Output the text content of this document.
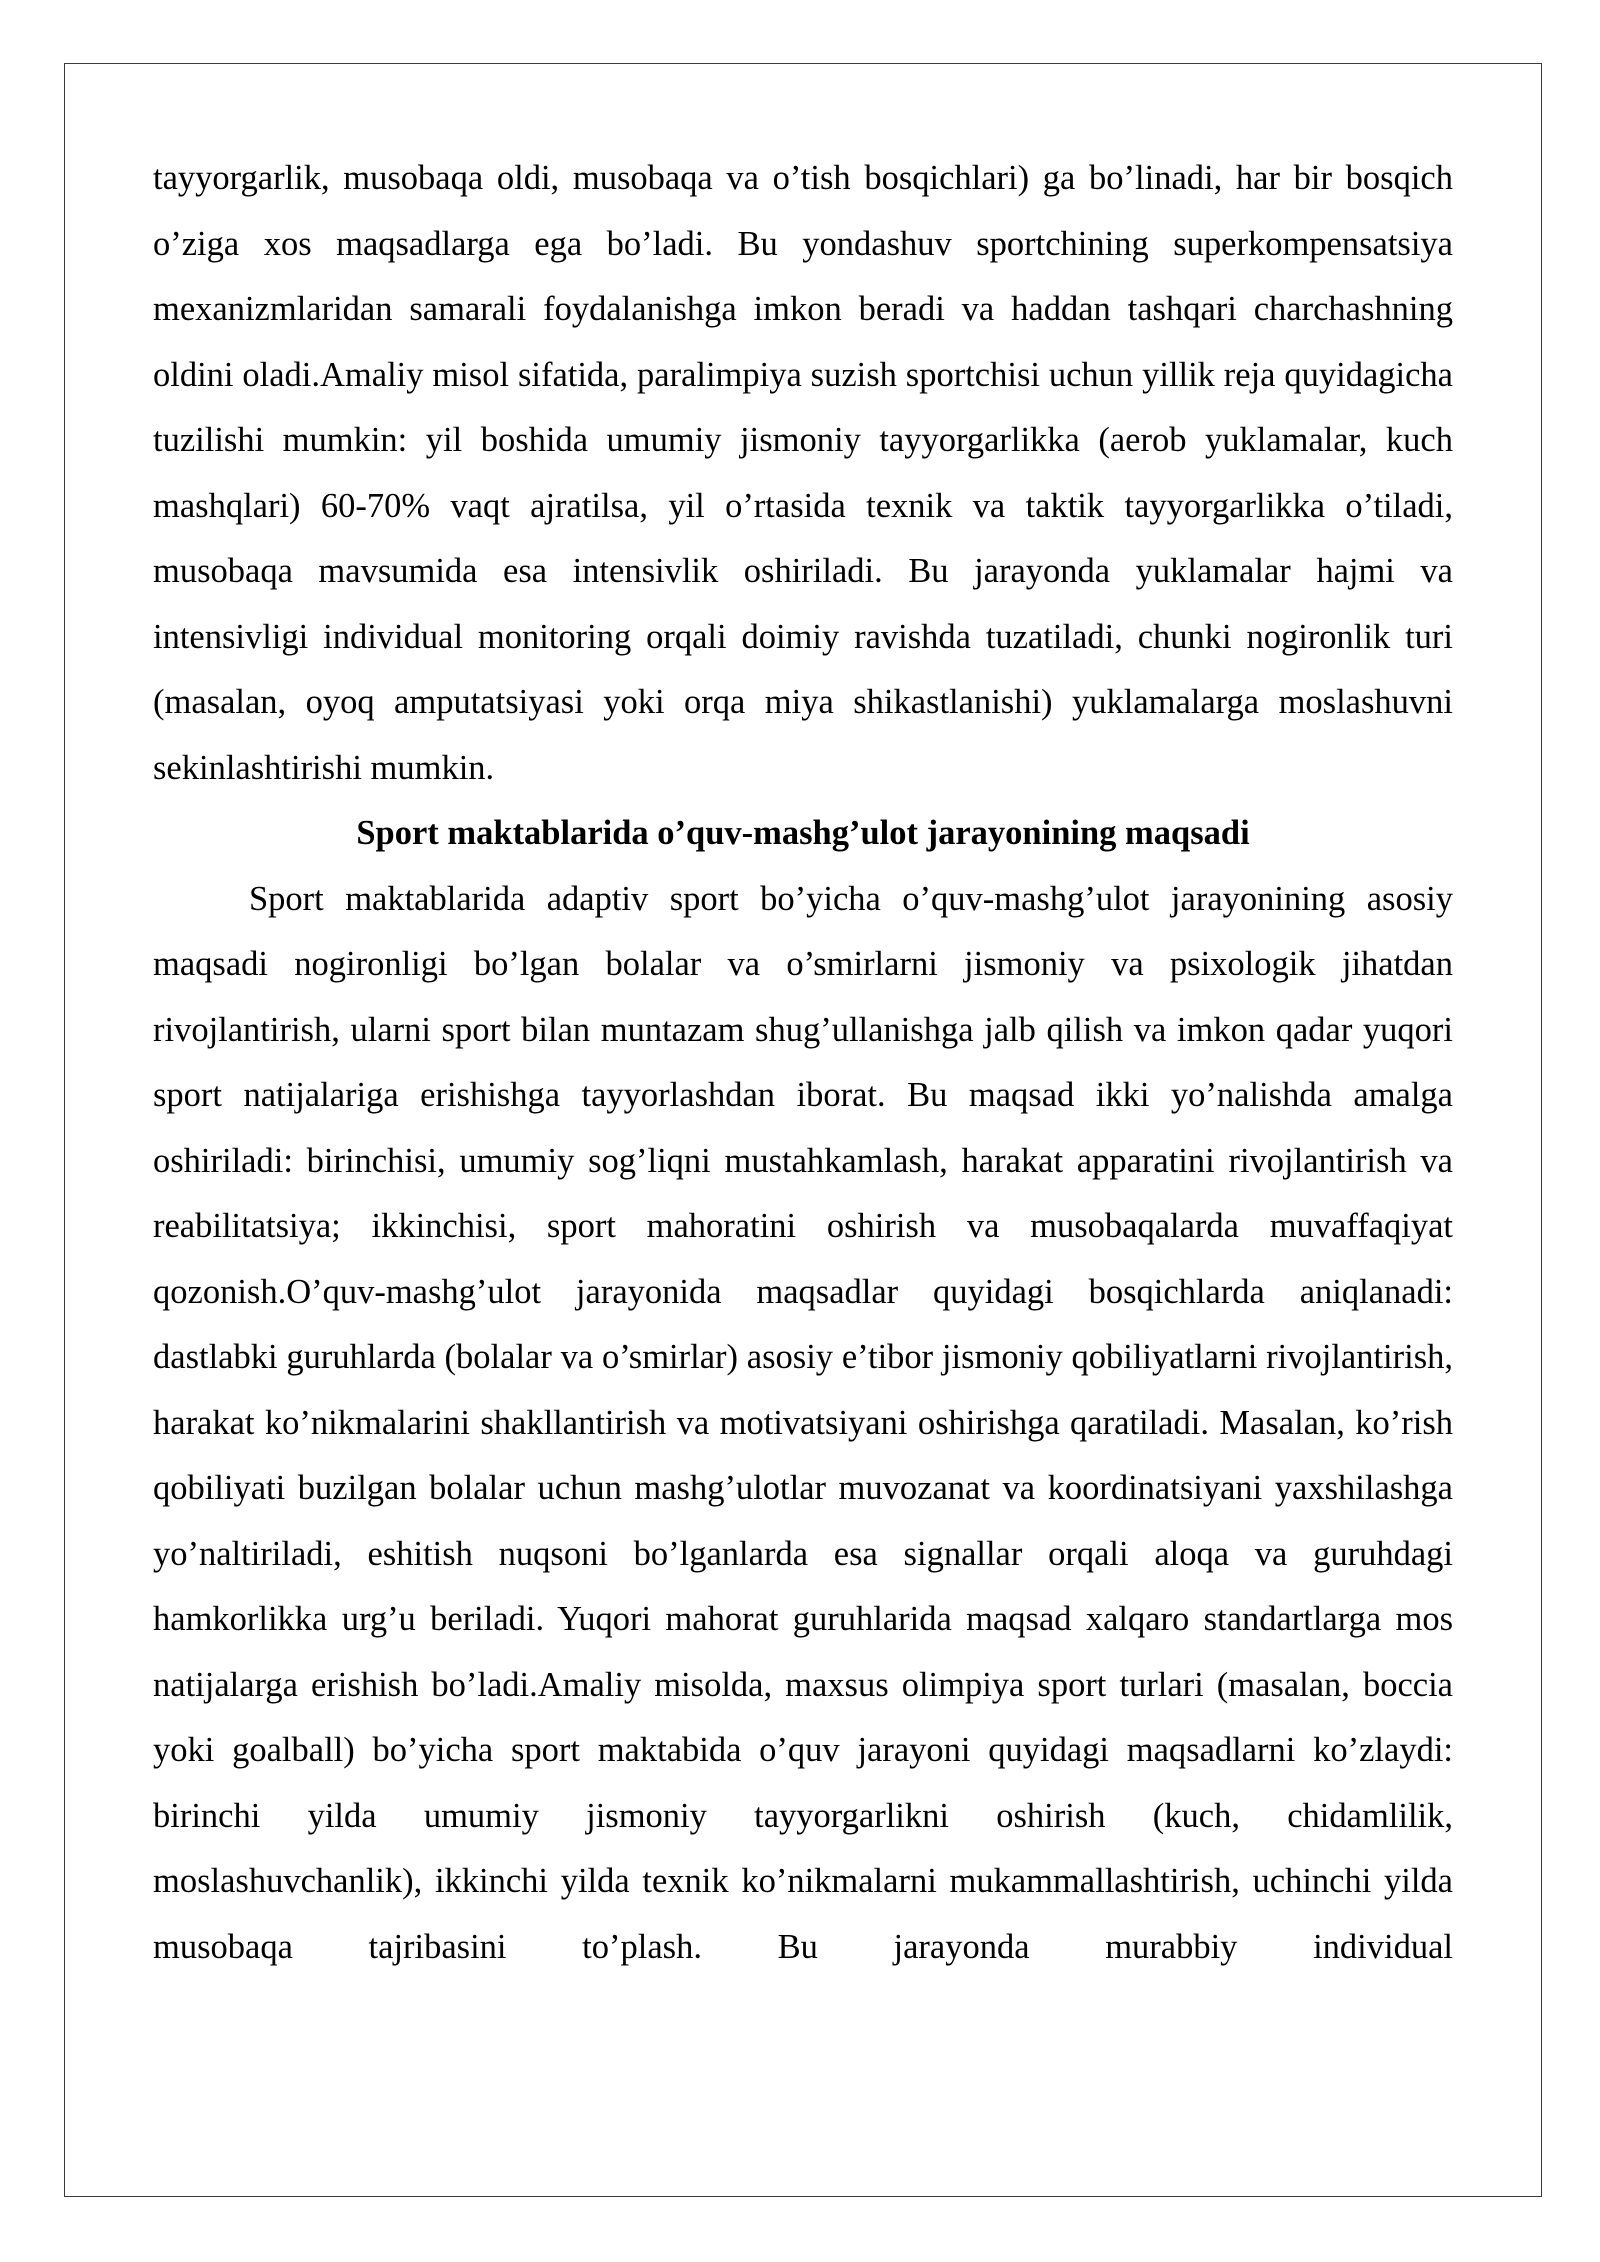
tayyorgarlik, musobaqa oldi, musobaqa va o’tish bosqichlari) ga bo’linadi, har bir bosqich o’ziga xos maqsadlarga ega bo’ladi. Bu yondashuv sportchining superkompensatsiya mexanizmlaridan samarali foydalanishga imkon beradi va haddan tashqari charchashning oldini oladi.Amaliy misol sifatida, paralimpiya suzish sportchisi uchun yillik reja quyidagicha tuzilishi mumkin: yil boshida umumiy jismoniy tayyorgarlikka (aerob yuklamalar, kuch mashqlari) 60-70% vaqt ajratilsa, yil o’rtasida texnik va taktik tayyorgarlikka o’tiladi, musobaqa mavsumida esa intensivlik oshiriladi. Bu jarayonda yuklamalar hajmi va intensivligi individual monitoring orqali doimiy ravishda tuzatiladi, chunki nogironlik turi (masalan, oyoq amputatsiyasi yoki orqa miya shikastlanishi) yuklamalarga moslashuvni sekinlashtirishi mumkin.

Sport maktablarida o’quv-mashg’ulot jarayonining maqsadi

Sport maktablarida adaptiv sport bo’yicha o’quv-mashg’ulot jarayonining asosiy maqsadi nogironligi bo’lgan bolalar va o’smirlarni jismoniy va psixologik jihatdan rivojlantirish, ularni sport bilan muntazam shug’ullanishga jalb qilish va imkon qadar yuqori sport natijalariga erishishga tayyorlashdan iborat. Bu maqsad ikki yo’nalishda amalga oshiriladi: birinchisi, umumiy sog’liqni mustahkamlash, harakat apparatini rivojlantirish va reabilitatsiya; ikkinchisi, sport mahoratini oshirish va musobaqalarda muvaffaqiyat qozonish.O’quv-mashg’ulot jarayonida maqsadlar quyidagi bosqichlarda aniqlanadi: dastlabki guruhlarda (bolalar va o’smirlar) asosiy e’tibor jismoniy qobiliyatlarni rivojlantirish, harakat ko’nikmalarini shakllantirish va motivatsiyani oshirishga qaratiladi. Masalan, ko’rish qobiliyati buzilgan bolalar uchun mashg’ulotlar muvozanat va koordinatsiyani yaxshilashga yo’naltiriladi, eshitish nuqsoni bo’lganlarda esa signallar orqali aloqa va guruhdagi hamkorlikka urg’u beriladi. Yuqori mahorat guruhlarida maqsad xalqaro standartlarga mos natijalarga erishish bo’ladi.Amaliy misolda, maxsus olimpiya sport turlari (masalan, boccia yoki goalball) bo’yicha sport maktabida o’quv jarayoni quyidagi maqsadlarni ko’zlaydi: birinchi yilda umumiy jismoniy tayyorgarlikni oshirish (kuch, chidamlilik, moslashuvchanlik), ikkinchi yilda texnik ko’nikmalarni mukammallashtirish, uchinchi yilda musobaqa tajribasini to’plash. Bu jarayonda murabbiy individual
